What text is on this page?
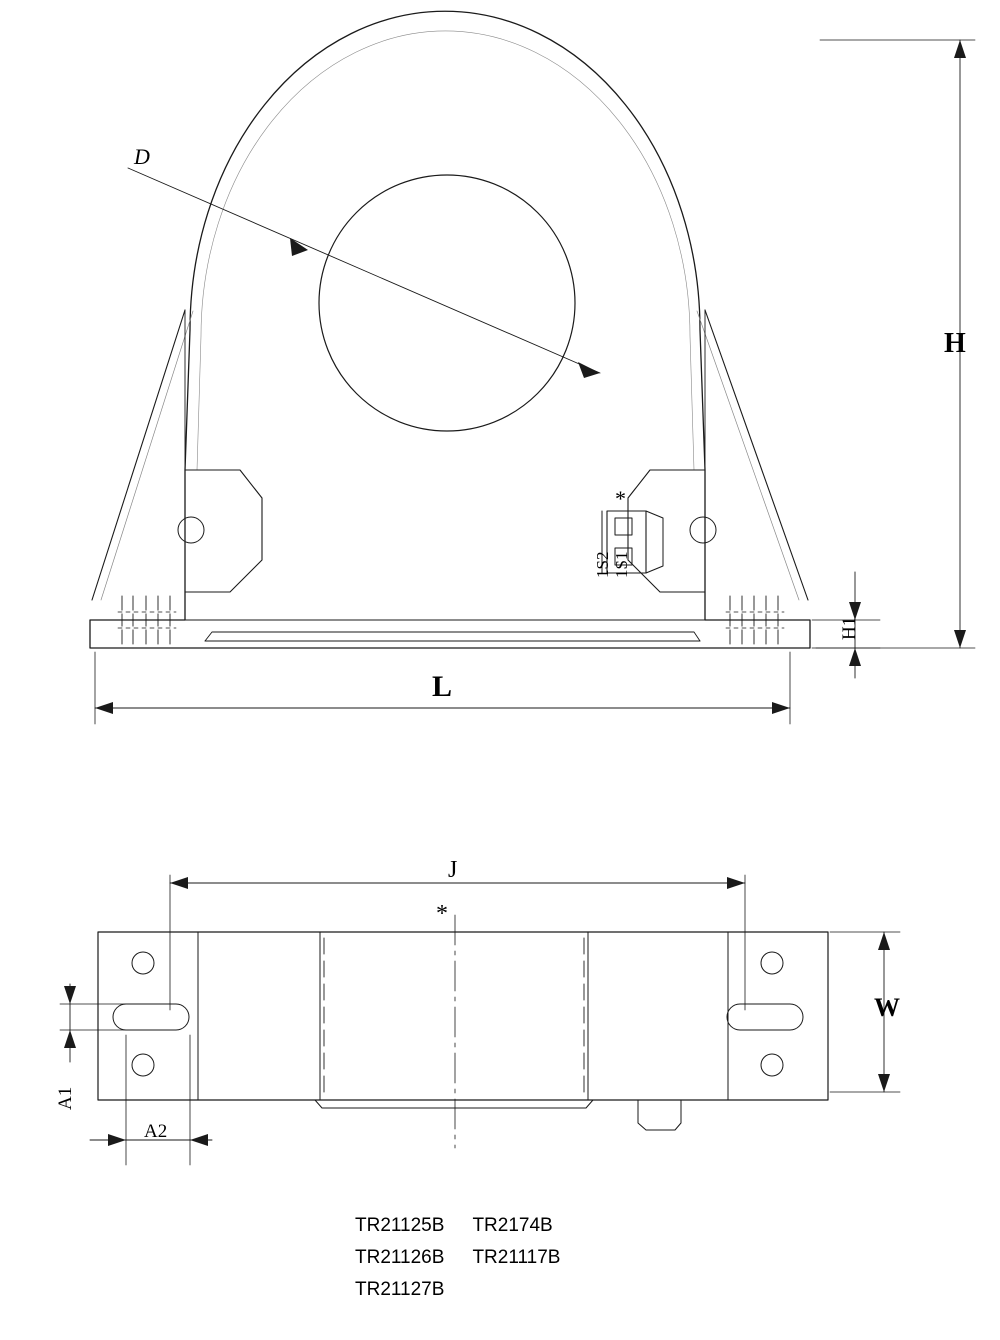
D
H
H1
L
1S2 1S1
*
J
*
W
A1
A2
TR21125B	TR2174B
TR21126B	TR21117B
TR21127B	
